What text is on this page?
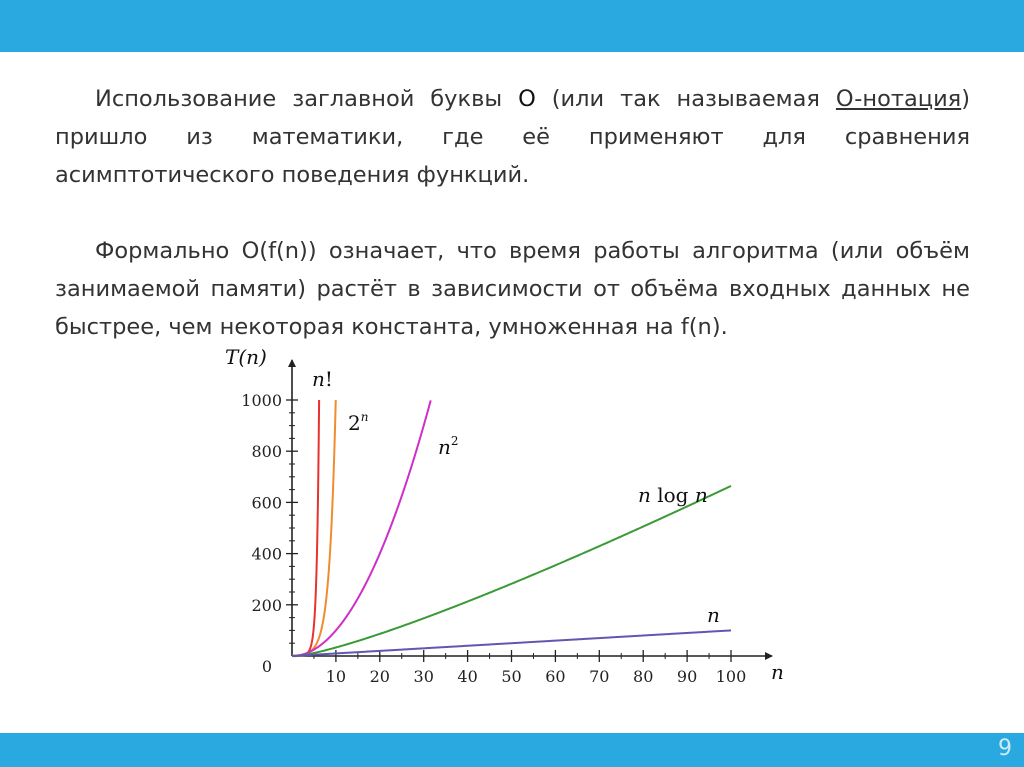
Использование заглавной буквы O (или так называемая O-нотация) пришло из математики, где её применяют для сравнения асимптотического поведения функций.
Формально O(f(n)) означает, что время работы алгоритма (или объём занимаемой памяти) растёт в зависимости от объёма входных данных не быстрее, чем некоторая константа, умноженная на f(n).
0
200
400
600
800
1000
10 20 30 40 50 60 70 80 90 100
T(n)
n
n!
2$^n$
$n^2$
n log n
n
9
